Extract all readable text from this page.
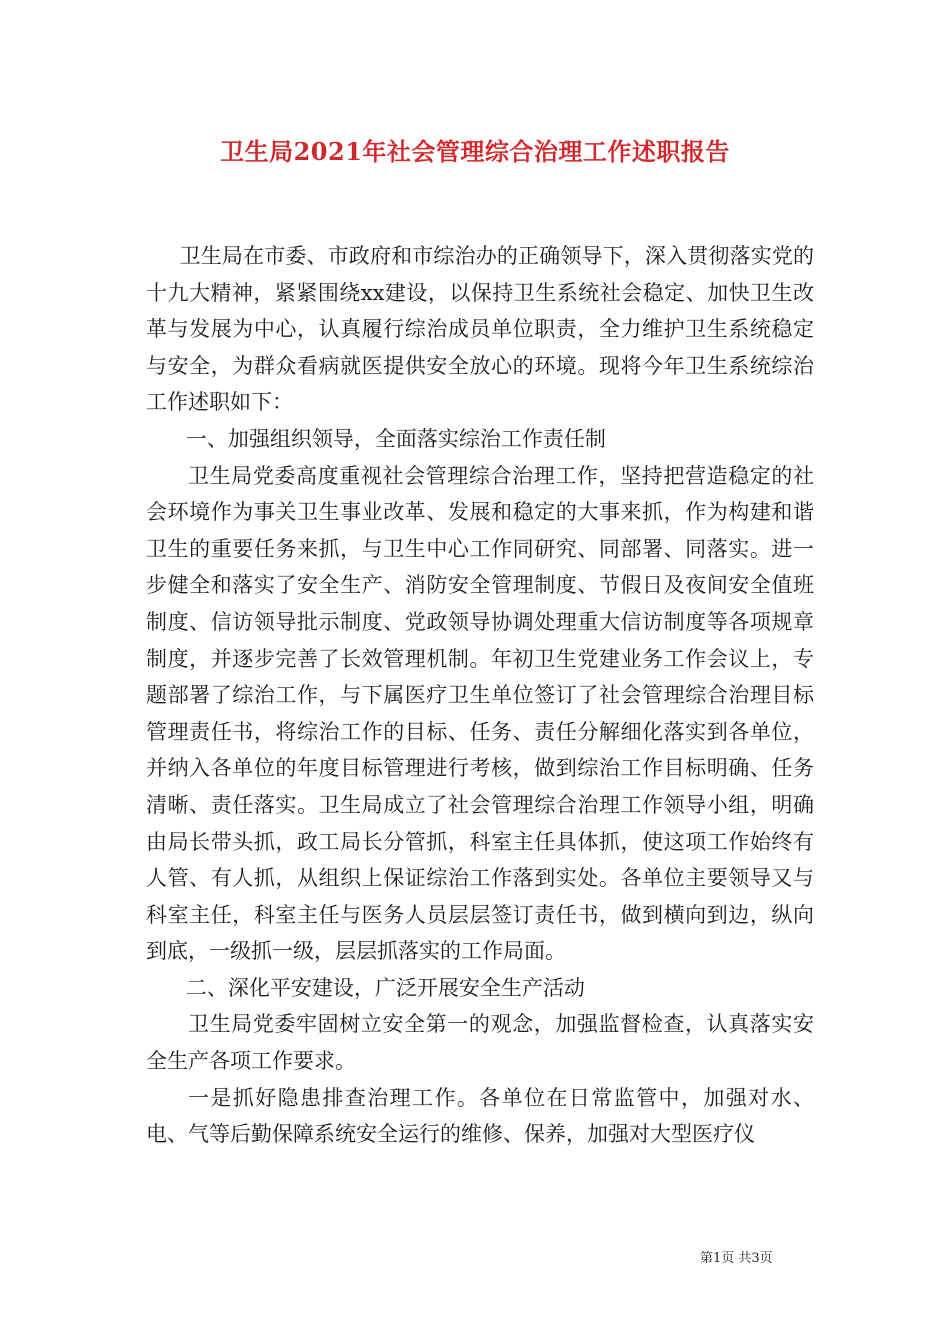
卫生局2021年社会管理综合治理工作述职报告

卫生局在市委、市政府和市综治办的正确领导下，深入贯彻落实党的十九大精神，紧紧围绕xx建设，以保持卫生系统社会稳定、加快卫生改革与发展为中心，认真履行综治成员单位职责，全力维护卫生系统稳定与安全，为群众看病就医提供安全放心的环境。现将今年卫生系统综治工作述职如下：

一、加强组织领导，全面落实综治工作责任制

卫生局党委高度重视社会管理综合治理工作，坚持把营造稳定的社会环境作为事关卫生事业改革、发展和稳定的大事来抓，作为构建和谐卫生的重要任务来抓，与卫生中心工作同研究、同部署、同落实。进一步健全和落实了安全生产、消防安全管理制度、节假日及夜间安全值班制度、信访领导批示制度、党政领导协调处理重大信访制度等各项规章制度，并逐步完善了长效管理机制。年初卫生党建业务工作会议上，专题部署了综治工作，与下属医疗卫生单位签订了社会管理综合治理目标管理责任书，将综治工作的目标、任务、责任分解细化落实到各单位，并纳入各单位的年度目标管理进行考核，做到综治工作目标明确、任务清晰、责任落实。卫生局成立了社会管理综合治理工作领导小组，明确由局长带头抓，政工局长分管抓，科室主任具体抓，使这项工作始终有人管、有人抓，从组织上保证综治工作落到实处。各单位主要领导又与科室主任，科室主任与医务人员层层签订责任书，做到横向到边，纵向到底，一级抓一级，层层抓落实的工作局面。

二、深化平安建设，广泛开展安全生产活动

卫生局党委牢固树立安全第一的观念，加强监督检查，认真落实安全生产各项工作要求。

一是抓好隐患排查治理工作。各单位在日常监管中，加强对水、电、气等后勤保障系统安全运行的维修、保养，加强对大型医疗仪

第1页 共3页
